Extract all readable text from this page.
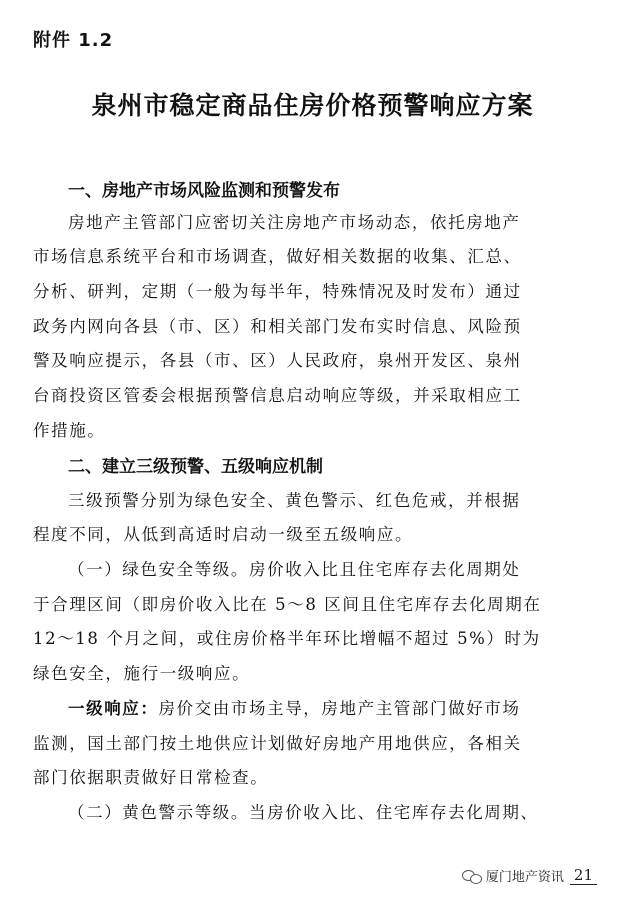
附件 1.2
泉州市稳定商品住房价格预警响应方案
一、房地产市场风险监测和预警发布
房地产主管部门应密切关注房地产市场动态，依托房地产
市场信息系统平台和市场调查，做好相关数据的收集、汇总、
分析、研判，定期（一般为每半年，特殊情况及时发布）通过
政务内网向各县（市、区）和相关部门发布实时信息、风险预
警及响应提示，各县（市、区）人民政府，泉州开发区、泉州
台商投资区管委会根据预警信息启动响应等级，并采取相应工
作措施。
二、建立三级预警、五级响应机制
三级预警分别为绿色安全、黄色警示、红色危戒，并根据
程度不同，从低到高适时启动一级至五级响应。
（一）绿色安全等级。房价收入比且住宅库存去化周期处
于合理区间（即房价收入比在 5～8 区间且住宅库存去化周期在
12～18 个月之间，或住房价格半年环比增幅不超过 5%）时为
绿色安全，施行一级响应。
一级响应：房价交由市场主导，房地产主管部门做好市场
监测，国土部门按土地供应计划做好房地产用地供应，各相关
部门依据职责做好日常检查。
（二）黄色警示等级。当房价收入比、住宅库存去化周期、
厦门地产资讯 21
